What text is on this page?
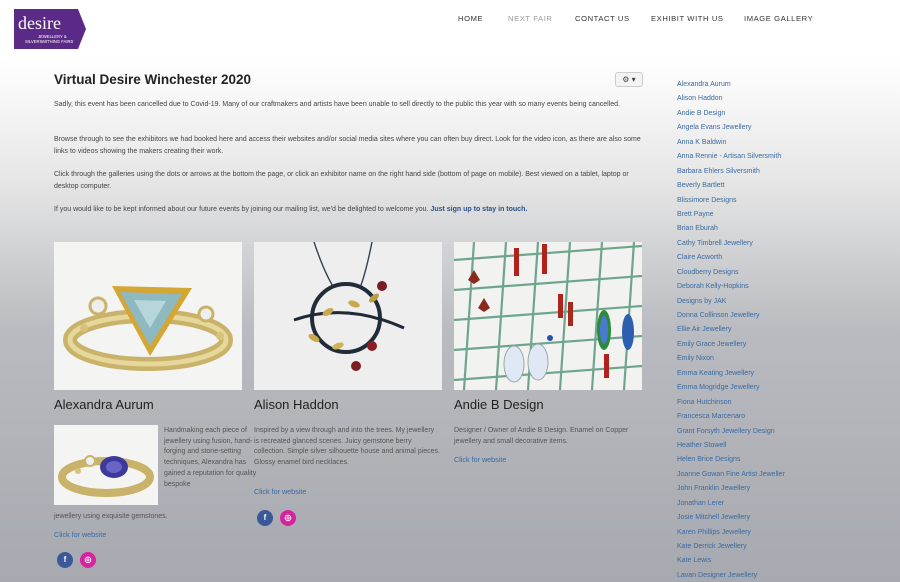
desire
JEWELLERY &
SILVERSMITHING FAIRS
HOME	NEXT FAIR	CONTACT US	EXHIBIT WITH US	IMAGE GALLERY
Virtual Desire Winchester 2020	⚙ ▾

Sadly, this event has been cancelled due to Covid-19. Many of our craftmakers and artists have been unable to sell directly to the public this year with so many events being cancelled.

Browse through to see the exhibitors we had booked here and access their websites and/or social media sites where you can often buy direct. Look for the video icon, as there are also some links to videos showing the makers creating their work.

Click through the galleries using the dots or arrows at the bottom the page, or click an exhibitor name on the right hand side (bottom of page on mobile). Best viewed on a tablet, laptop or desktop computer.

If you would like to be kept informed about our future events by joining our mailing list, we'd be delighted to welcome you. Just sign up to stay in touch.

Alexandra Aurum

Handmaking each piece of jewellery using fusion, hand-forging and stone-setting techniques, Alexandra has gained a reputation for quality bespoke

jewellery using exquisite gemstones.

Click for website
f	◎
Alison Haddon

Inspired by a view through and into the trees. My jewellery is recreated glanced scenes. Juicy gemstone berry collection. Simple silver silhouette house and animal pieces. Glossy enamel bird necklaces.

Click for website
f	◎
Andie B Design

Designer / Owner of Andie B Design. Enamel on Copper jewellery and small decorative items.

Click for website
Alexandra Aurum
Alison Haddon
Andie B Design
Angela Evans Jewellery
Anna K Baldwin
Anna Rennie - Artisan Silversmith
Barbara Ehlers Silversmith
Beverly Bartlett
Blissimore Designs
Brett Payne
Brian Eburah
Cathy Timbrell Jewellery
Claire Acworth
Cloudberry Designs
Deborah Kelly-Hopkins
Designs by JAK
Donna Collinson Jewellery
Ellie Air Jewellery
Emily Grace Jewellery
Emily Nixon
Emma Keating Jewellery
Emma Mogridge Jewellery
Fiona Hutchinson
Francesca Marcenaro
Grant Forsyth Jewellery Design
Heather Stowell
Helen Brice Designs
Joanne Gowan Fine Artist Jeweller
John Franklin Jewellery
Jonathan Lerer
Josie Mitchell Jewellery
Karen Phillips Jewellery
Kate Derrick Jewellery
Kate Lewis
Lavan Designer Jewellery
